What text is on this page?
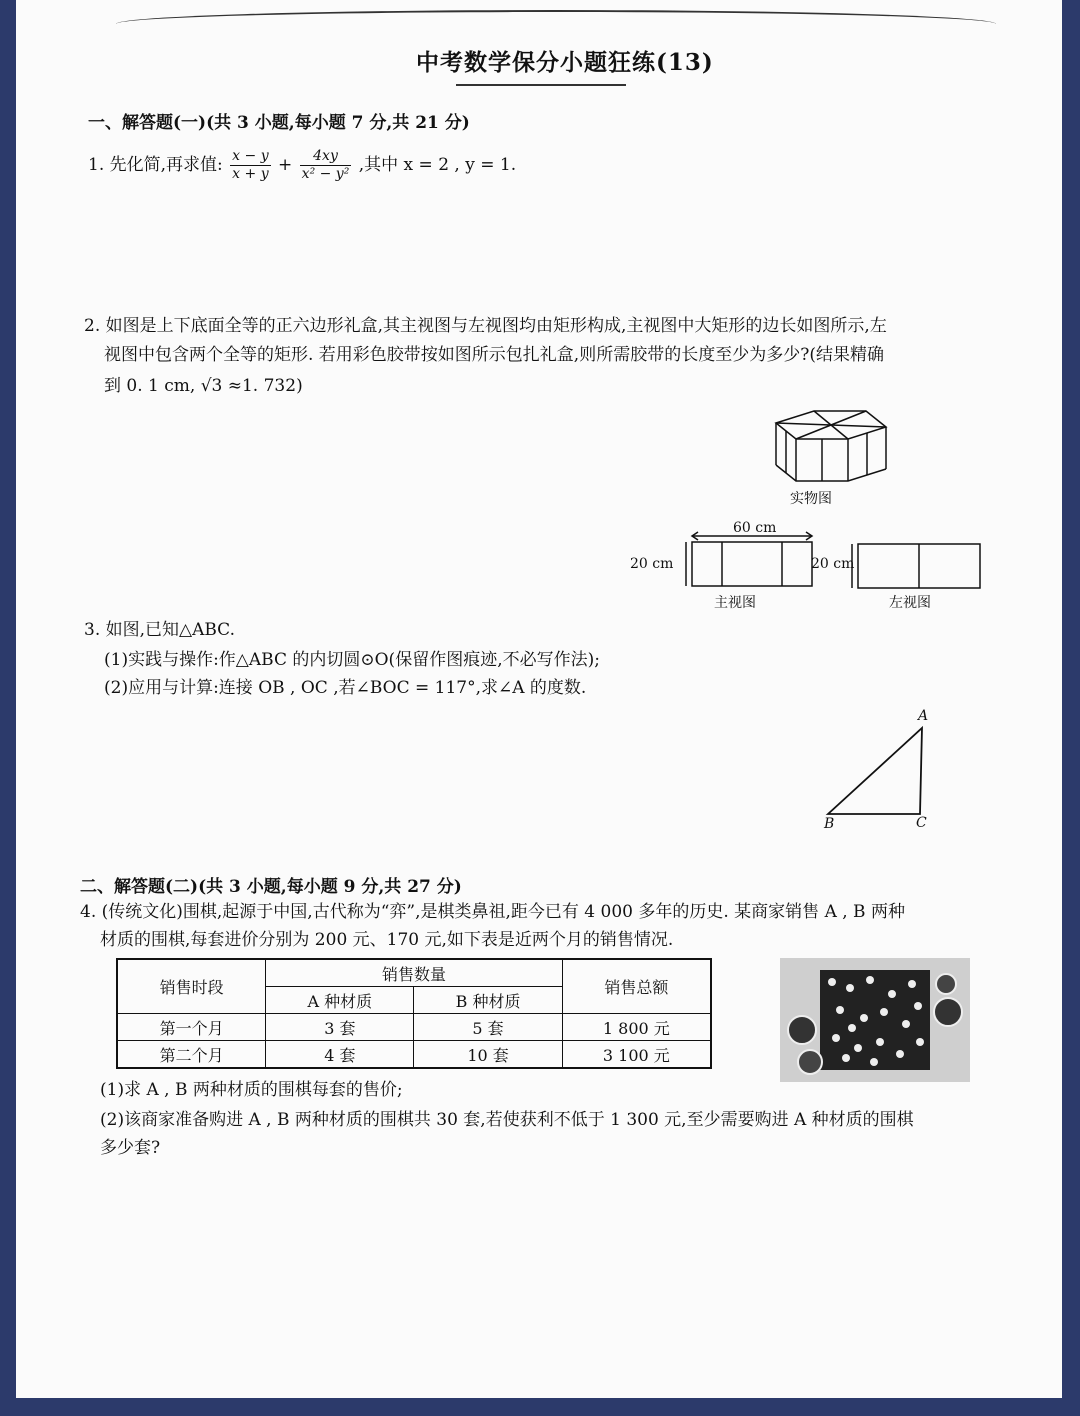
中考数学保分小题狂练(13)
一、解答题(一)(共 3 小题,每小题 7 分,共 21 分)
1. 先化简,再求值: $\frac{x - y}{x + y} + \frac{4xy}{\text{x² − y²}}$ ,其中 x = 2 , y = 1.
2. 如图是上下底面全等的正六边形礼盒,其主视图与左视图均由矩形构成,主视图中大矩形的边长如图所示,左
视图中包含两个全等的矩形. 若用彩色胶带按如图所示包扎礼盒,则所需胶带的长度至少为多少?(结果精确
到 0. 1 cm, √3 ≈1. 732)
实物图
60 cm
20 cm
主视图
20 cm
左视图
3. 如图,已知△ABC.
(1)实践与操作:作△ABC 的内切圆⊙O(保留作图痕迹,不必写作法);
(2)应用与计算:连接 OB , OC ,若∠BOC = 117°,求∠A 的度数.
A
B	C
二、解答题(二)(共 3 小题,每小题 9 分,共 27 分)
4. (传统文化)围棋,起源于中国,古代称为“弈”,是棋类鼻祖,距今已有 4 000 多年的历史. 某商家销售 A , B 两种
材质的围棋,每套进价分别为 200 元、170 元,如下表是近两个月的销售情况.
销售时段	销售数量		销售总额
	A 种材质	B 种材质	
第一个月	3 套	5 套	1 800 元
第二个月	4 套	10 套	3 100 元
(1)求 A , B 两种材质的围棋每套的售价;
(2)该商家准备购进 A , B 两种材质的围棋共 30 套,若使获利不低于 1 300 元,至少需要购进 A 种材质的围棋
多少套?
